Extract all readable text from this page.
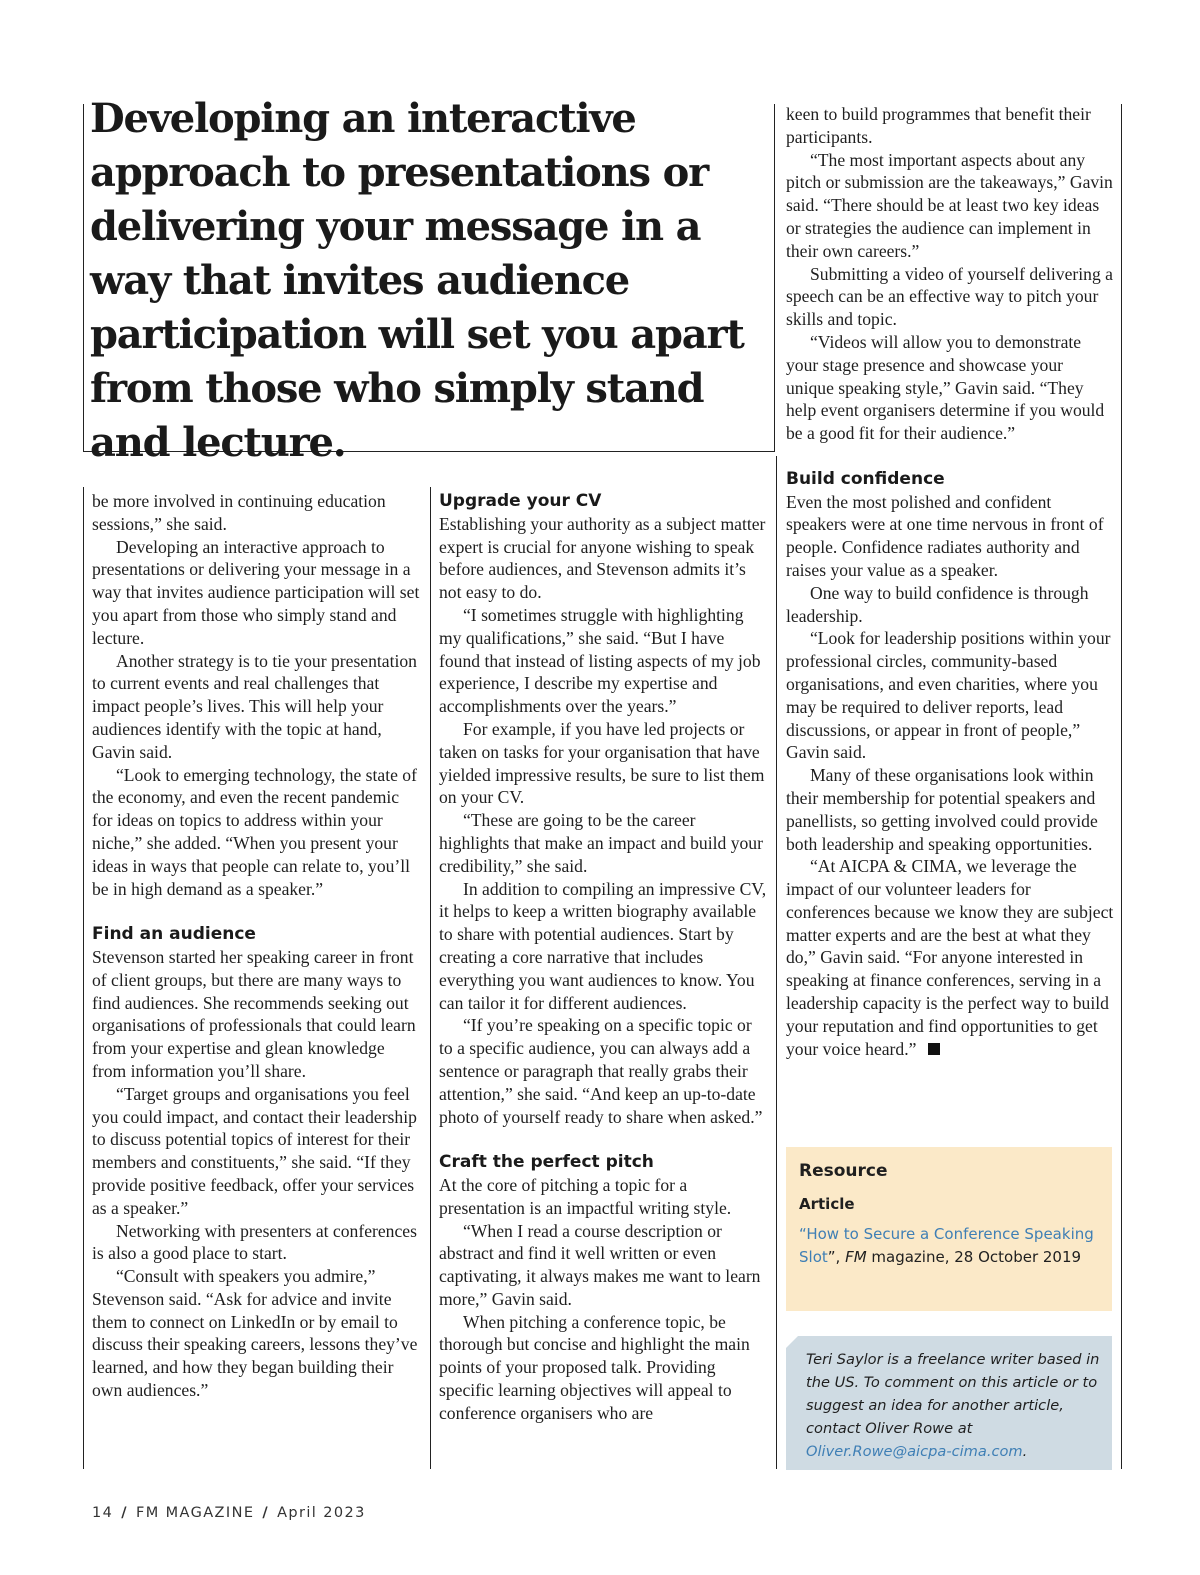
Developing an interactive approach to presentations or delivering your message in a way that invites audience participation will set you apart from those who simply stand and lecture.

be more involved in continuing education sessions,” she said.

Developing an interactive approach to presentations or delivering your message in a way that invites audience participation will set you apart from those who simply stand and lecture.

Another strategy is to tie your presentation to current events and real challenges that impact people’s lives. This will help your audiences identify with the topic at hand, Gavin said.

“Look to emerging technology, the state of the economy, and even the recent pandemic for ideas on topics to address within your niche,” she added. “When you present your ideas in ways that people can relate to, you’ll be in high demand as a speaker.”

Find an audience

Stevenson started her speaking career in front of client groups, but there are many ways to find audiences. She recommends seeking out organisations of professionals that could learn from your expertise and glean knowledge from information you’ll share.

“Target groups and organisations you feel you could impact, and contact their leadership to discuss potential topics of interest for their members and constituents,” she said. “If they provide positive feedback, offer your services as a speaker.”

Networking with presenters at conferences is also a good place to start.

“Consult with speakers you admire,” Stevenson said. “Ask for advice and invite them to connect on LinkedIn or by email to discuss their speaking careers, lessons they’ve learned, and how they began building their own audiences.”

Upgrade your CV

Establishing your authority as a subject matter expert is crucial for anyone wishing to speak before audiences, and Stevenson admits it’s not easy to do.

“I sometimes struggle with highlighting my qualifications,” she said. “But I have found that instead of listing aspects of my job experience, I describe my expertise and accomplishments over the years.”

For example, if you have led projects or taken on tasks for your organisation that have yielded impressive results, be sure to list them on your CV.

“These are going to be the career highlights that make an impact and build your credibility,” she said.

In addition to compiling an impressive CV, it helps to keep a written biography available to share with potential audiences. Start by creating a core narrative that includes everything you want audiences to know. You can tailor it for different audiences.

“If you’re speaking on a specific topic or to a specific audience, you can always add a sentence or paragraph that really grabs their attention,” she said. “And keep an up-to-date photo of yourself ready to share when asked.”

Craft the perfect pitch

At the core of pitching a topic for a presentation is an impactful writing style.

“When I read a course description or abstract and find it well written or even captivating, it always makes me want to learn more,” Gavin said.

When pitching a conference topic, be thorough but concise and highlight the main points of your proposed talk. Providing specific learning objectives will appeal to conference organisers who are

keen to build programmes that benefit their participants.

“The most important aspects about any pitch or submission are the takeaways,” Gavin said. “There should be at least two key ideas or strategies the audience can implement in their own careers.”

Submitting a video of yourself delivering a speech can be an effective way to pitch your skills and topic.

“Videos will allow you to demonstrate your stage presence and showcase your unique speaking style,” Gavin said. “They help event organisers determine if you would be a good fit for their audience.”

Build confidence

Even the most polished and confident speakers were at one time nervous in front of people. Confidence radiates authority and raises your value as a speaker.

One way to build confidence is through leadership.

“Look for leadership positions within your professional circles, community-based organisations, and even charities, where you may be required to deliver reports, lead discussions, or appear in front of people,” Gavin said.

Many of these organisations look within their membership for potential speakers and panellists, so getting involved could provide both leadership and speaking opportunities.

“At AICPA & CIMA, we leverage the impact of our volunteer leaders for conferences because we know they are subject matter experts and are the best at what they do,” Gavin said. “For anyone interested in speaking at finance conferences, serving in a leadership capacity is the perfect way to build your reputation and find opportunities to get your voice heard.”

Resource
Article
“How to Secure a Conference Speaking Slot”, FM magazine, 28 October 2019
Teri Saylor is a freelance writer based in the US. To comment on this article or to suggest an idea for another article, contact Oliver Rowe at Oliver.Rowe@aicpa-cima.com.
14 / FM MAGAZINE / April 2023
